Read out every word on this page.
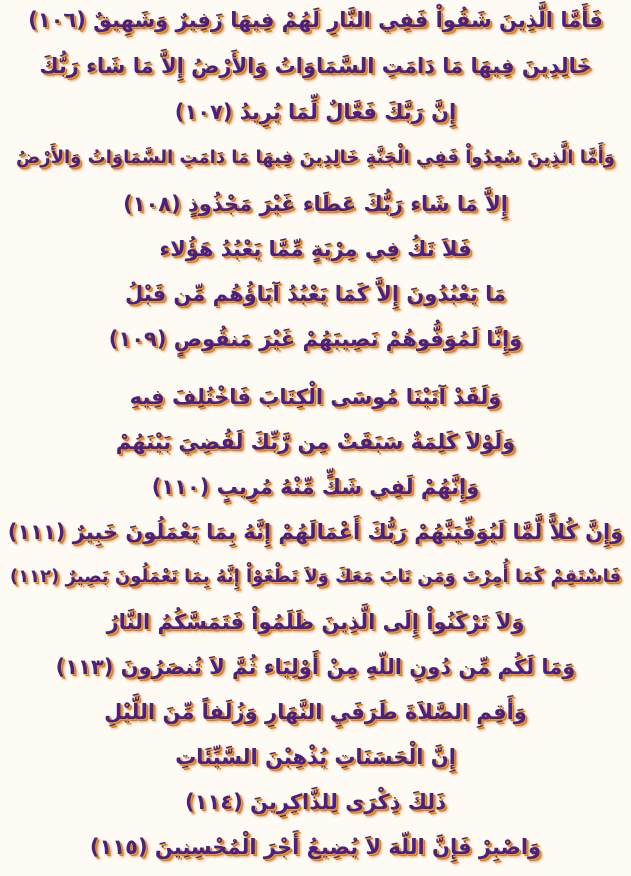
فَأَمَّا الَّذِينَ شَقُواْ فَفِي النَّارِ لَهُمْ فِيهَا زَفِيرٌ وَشَهِيقٌ (١٠٦)
خَالِدِينَ فِيهَا مَا دَامَتِ السَّمَاوَاتُ وَالأَرْضُ إِلاَّ مَا شَاء رَبُّكَ
إِنَّ رَبَّكَ فَعَّالٌ لِّمَا يُرِيدُ (١٠٧)
وَأَمَّا الَّذِينَ سُعِدُواْ فَفِي الْجَنَّةِ خَالِدِينَ فِيهَا مَا دَامَتِ السَّمَاوَاتُ وَالأَرْضُ
إِلاَّ مَا شَاء رَبُّكَ عَطَاء غَيْرَ مَجْذُوذٍ (١٠٨)
فَلاَ تَكُ فِي مِرْيَةٍ مِّمَّا يَعْبُدُ هَؤُلاء
مَا يَعْبُدُونَ إِلاَّ كَمَا يَعْبُدُ آبَاؤُهُم مِّن قَبْلُ
وَإِنَّا لَمُوَفُّوهُمْ نَصِيبَهُمْ غَيْرَ مَنقُوصٍ (١٠٩)
وَلَقَدْ آتَيْنَا مُوسَى الْكِتَابَ فَاخْتُلِفَ فِيهِ
وَلَوْلاَ كَلِمَةٌ سَبَقَتْ مِن رَّبِّكَ لَقُضِيَ بَيْنَهُمْ
وَإِنَّهُمْ لَفِي شَكٍّ مِّنْهُ مُرِيبٍ (١١٠)
وَإِنَّ كُلاًّ لَّمَّا لَيُوَفِّيَنَّهُمْ رَبُّكَ أَعْمَالَهُمْ إِنَّهُ بِمَا يَعْمَلُونَ خَبِيرٌ (١١١)
فَاسْتَقِمْ كَمَا أُمِرْتَ وَمَن تَابَ مَعَكَ وَلاَ تَطْغَوْاْ إِنَّهُ بِمَا تَعْمَلُونَ بَصِيرٌ (١١٢)
وَلاَ تَرْكَنُواْ إِلَى الَّذِينَ ظَلَمُواْ فَتَمَسَّكُمُ النَّارُ
وَمَا لَكُم مِّن دُونِ اللّهِ مِنْ أَوْلِيَاء ثُمَّ لاَ تُنصَرُونَ (١١٣)
وَأَقِمِ الصَّلاَةَ طَرَفَيِ النَّهَارِ وَزُلَفاً مِّنَ اللَّيْلِ
إِنَّ الْحَسَنَاتِ يُذْهِبْنَ السَّيِّئَاتِ
ذَلِكَ ذِكْرَى لِلذَّاكِرِينَ (١١٤)
وَاصْبِرْ فَإِنَّ اللّهَ لاَ يُضِيعُ أَجْرَ الْمُحْسِنِينَ (١١٥)
